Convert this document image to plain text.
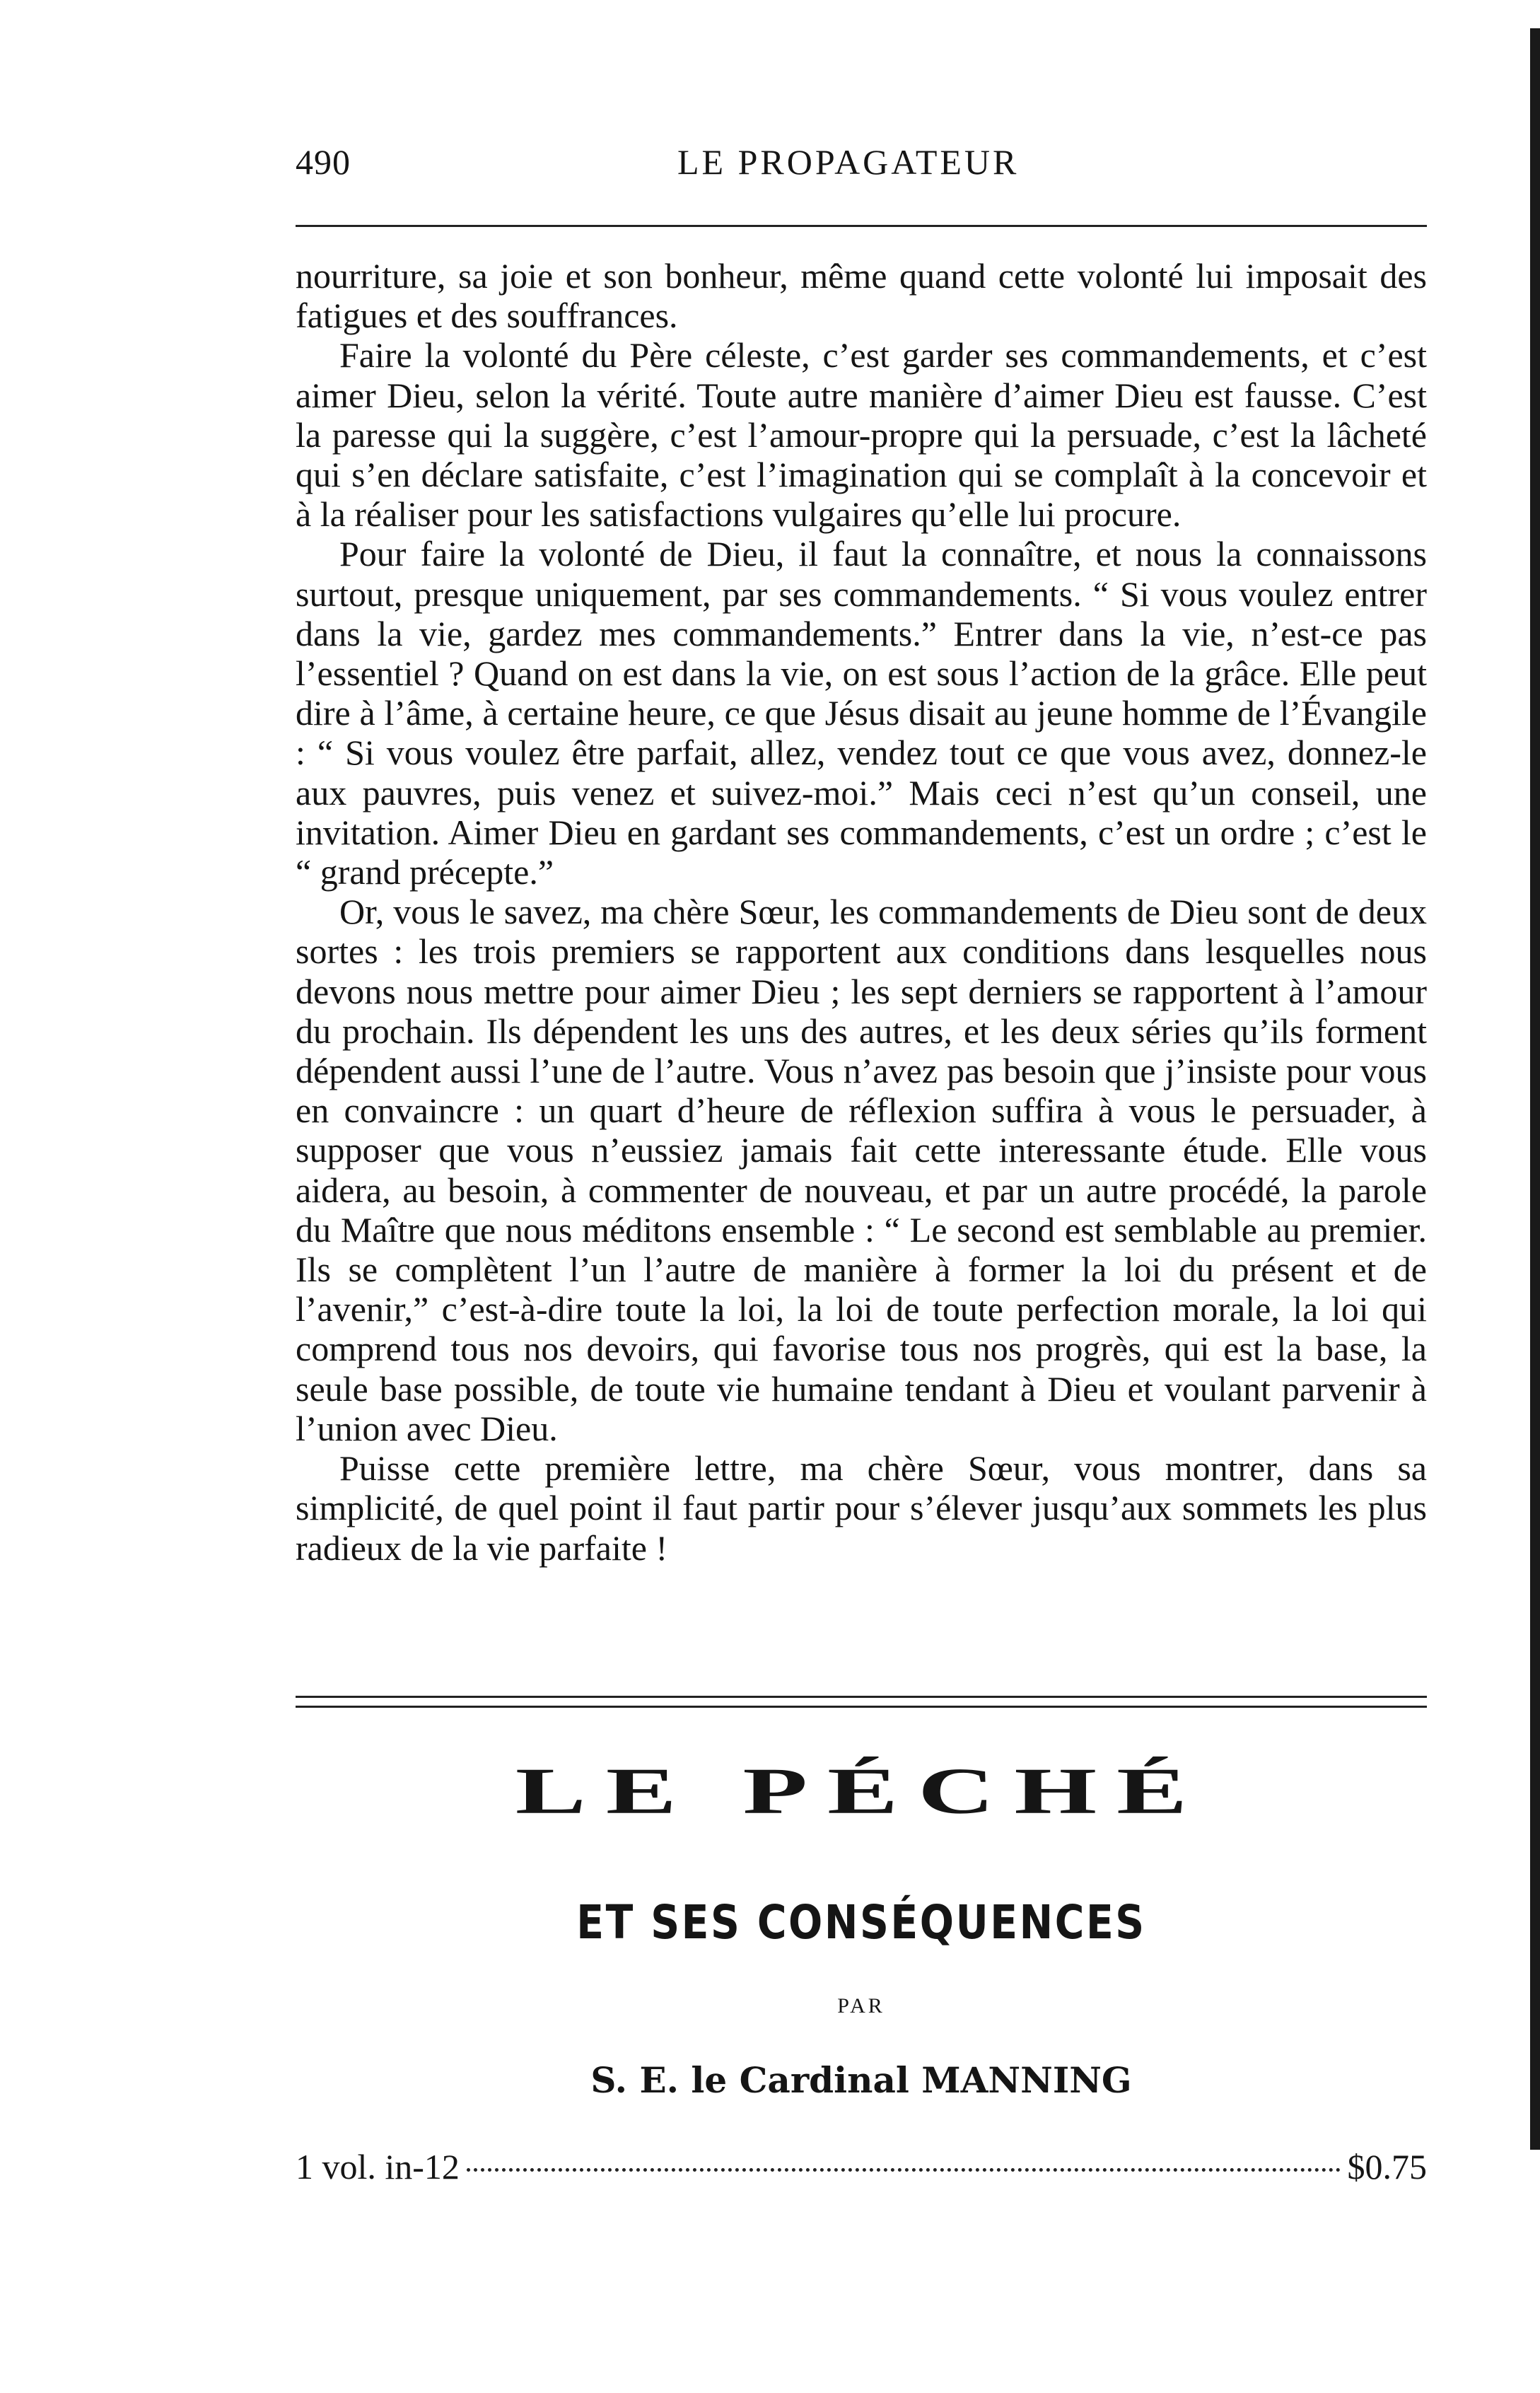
490	LE PROPAGATEUR

nourriture, sa joie et son bonheur, même quand cette volonté lui imposait des fatigues et des souffrances.

Faire la volonté du Père céleste, c’est garder ses commandements, et c’est aimer Dieu, selon la vérité. Toute autre manière d’aimer Dieu est fausse. C’est la paresse qui la suggère, c’est l’amour-propre qui la persuade, c’est la lâcheté qui s’en déclare satisfaite, c’est l’imagination qui se complaît à la concevoir et à la réaliser pour les satisfactions vulgaires qu’elle lui procure.

Pour faire la volonté de Dieu, il faut la connaître, et nous la connaissons surtout, presque uniquement, par ses commandements. “ Si vous voulez entrer dans la vie, gardez mes commandements.” Entrer dans la vie, n’est-ce pas l’essentiel ? Quand on est dans la vie, on est sous l’action de la grâce. Elle peut dire à l’âme, à certaine heure, ce que Jésus disait au jeune homme de l’Évangile : “ Si vous voulez être parfait, allez, vendez tout ce que vous avez, donnez-le aux pauvres, puis venez et suivez-moi.” Mais ceci n’est qu’un conseil, une invitation. Aimer Dieu en gardant ses commandements, c’est un ordre ; c’est le “ grand précepte.”

Or, vous le savez, ma chère Sœur, les commandements de Dieu sont de deux sortes : les trois premiers se rapportent aux conditions dans lesquelles nous devons nous mettre pour aimer Dieu ; les sept derniers se rapportent à l’amour du prochain. Ils dépendent les uns des autres, et les deux séries qu’ils forment dépendent aussi l’une de l’autre. Vous n’avez pas besoin que j’insiste pour vous en convaincre : un quart d’heure de réflexion suffira à vous le persuader, à supposer que vous n’eussiez jamais fait cette interessante étude. Elle vous aidera, au besoin, à commenter de nouveau, et par un autre procédé, la parole du Maître que nous méditons ensemble : “ Le second est semblable au premier. Ils se complètent l’un l’autre de manière à former la loi du présent et de l’avenir,” c’est-à-dire toute la loi, la loi de toute perfection morale, la loi qui comprend tous nos devoirs, qui favorise tous nos progrès, qui est la base, la seule base possible, de toute vie humaine tendant à Dieu et voulant parvenir à l’union avec Dieu.

Puisse cette première lettre, ma chère Sœur, vous montrer, dans sa simplicité, de quel point il faut partir pour s’élever jusqu’aux sommets les plus radieux de la vie parfaite !

LE PÉCHÉ
ET SES CONSÉQUENCES
PAR
S. E. le Cardinal MANNING
1 vol. in-12	$0.75
